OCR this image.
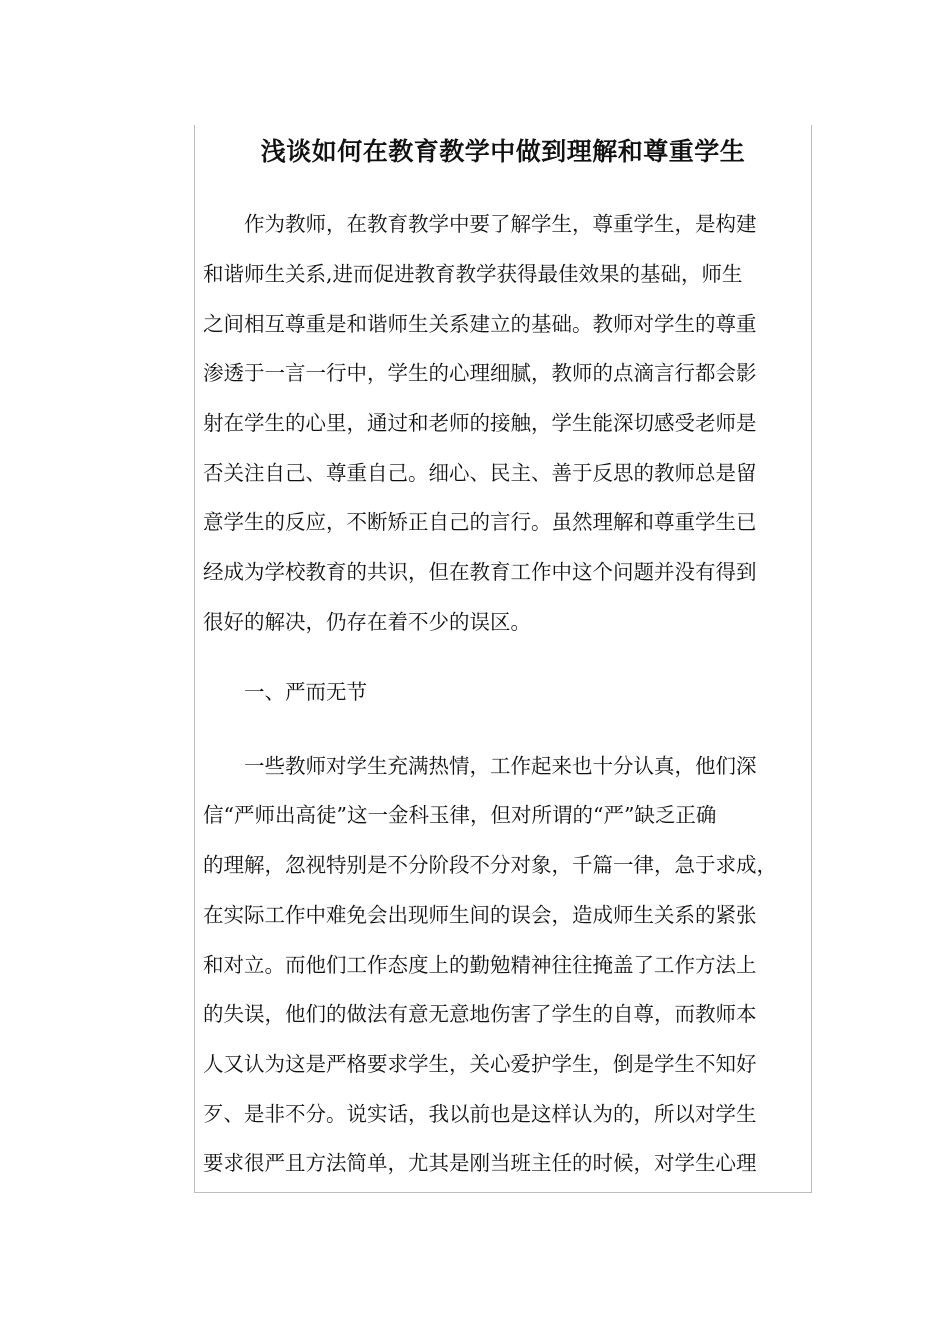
浅谈如何在教育教学中做到理解和尊重学生

　　作为教师，在教育教学中要了解学生，尊重学生，是构建

和谐师生关系,进而促进教育教学获得最佳效果的基础，师生

之间相互尊重是和谐师生关系建立的基础。教师对学生的尊重

渗透于一言一行中，学生的心理细腻，教师的点滴言行都会影

射在学生的心里，通过和老师的接触，学生能深切感受老师是

否关注自己、尊重自己。细心、民主、善于反思的教师总是留

意学生的反应，不断矫正自己的言行。虽然理解和尊重学生已

经成为学校教育的共识，但在教育工作中这个问题并没有得到

很好的解决，仍存在着不少的误区。

　　一、严而无节

　　一些教师对学生充满热情，工作起来也十分认真，他们深

信“严师出高徒”这一金科玉律，但对所谓的“严”缺乏正确

的理解，忽视特别是不分阶段不分对象，千篇一律，急于求成，

在实际工作中难免会出现师生间的误会，造成师生关系的紧张

和对立。而他们工作态度上的勤勉精神往往掩盖了工作方法上

的失误，他们的做法有意无意地伤害了学生的自尊，而教师本

人又认为这是严格要求学生，关心爱护学生，倒是学生不知好

歹、是非不分。说实话，我以前也是这样认为的，所以对学生

要求很严且方法简单，尤其是刚当班主任的时候，对学生心理
